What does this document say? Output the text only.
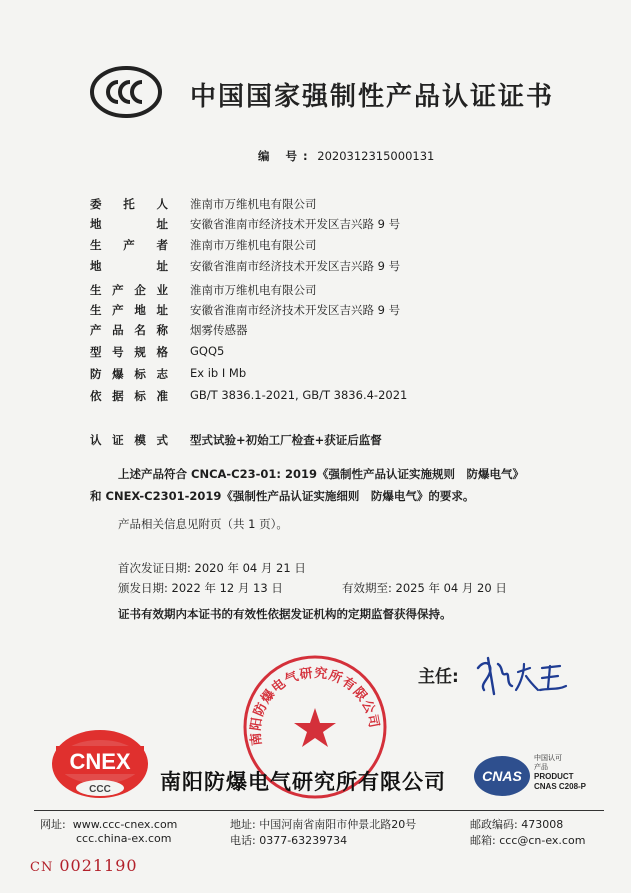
中国国家强制性产品认证证书
编 号: 2020312315000131
委 托 人 淮南市万维机电有限公司
地	址 安徽省淮南市经济技术开发区吉兴路 9 号
生 产 者 淮南市万维机电有限公司
地	址 安徽省淮南市经济技术开发区吉兴路 9 号
生 产 企 业 淮南市万维机电有限公司
生 产 地 址 安徽省淮南市经济技术开发区吉兴路 9 号
产 品 名 称 烟雾传感器
型 号 规 格 GQQ5
防 爆 标 志 Ex ib Ⅰ Mb
依 据 标 准 GB/T 3836.1-2021, GB/T 3836.4-2021
认 证 模 式 型式试验+初始工厂检查+获证后监督
上述产品符合 CNCA-C23-01: 2019《强制性产品认证实施规则　防爆电气》
和 CNEX-C2301-2019《强制性产品认证实施细则　防爆电气》的要求。
产品相关信息见附页（共 1 页）。
首次发证日期: 2020 年 04 月 21 日
颁发日期: 2022 年 12 月 13 日	有效期至: 2025 年 04 月 20 日
证书有效期内本证书的有效性依据发证机构的定期监督获得保持。
主任:
南阳防爆电气研究所有限公司
CNEX
CCC 南阳防爆电气研究所有限公司	CNAS
中国认可
产品
PRODUCT
CNAS C208-P
网址: www.ccc-cnex.com
ccc.china-ex.com
地址: 中国河南省南阳市仲景北路20号
电话: 0377-63239734
邮政编码: 473008
邮箱: ccc@cn-ex.com
CN 0021190
